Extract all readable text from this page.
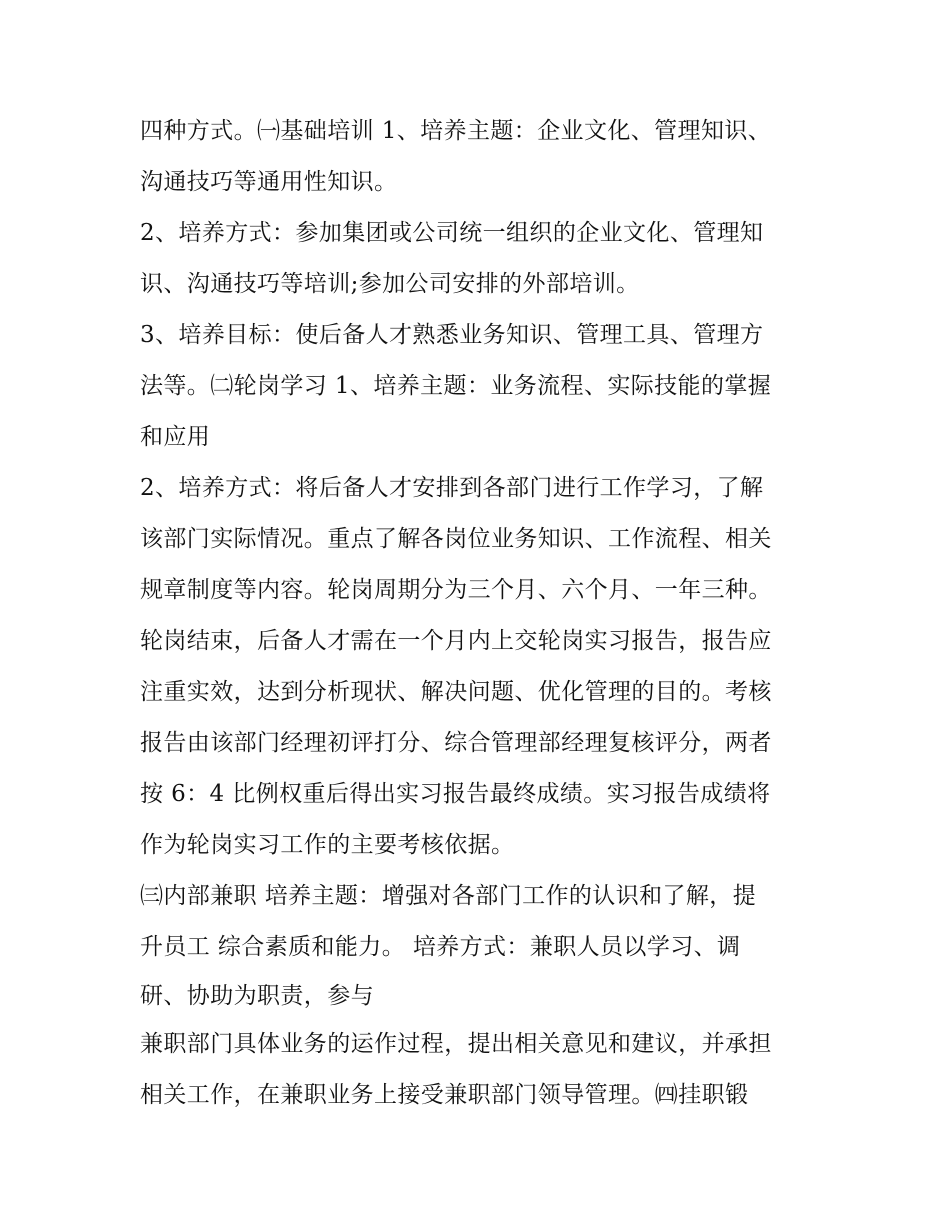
四种方式。㈠基础培训 1、培养主题：企业文化、管理知识、
沟通技巧等通用性知识。
2、培养方式：参加集团或公司统一组织的企业文化、管理知
识、沟通技巧等培训;参加公司安排的外部培训。
3、培养目标：使后备人才熟悉业务知识、管理工具、管理方
法等。㈡轮岗学习 1、培养主题：业务流程、实际技能的掌握
和应用
2、培养方式：将后备人才安排到各部门进行工作学习，了解
该部门实际情况。重点了解各岗位业务知识、工作流程、相关
规章制度等内容。轮岗周期分为三个月、六个月、一年三种。
轮岗结束，后备人才需在一个月内上交轮岗实习报告，报告应
注重实效，达到分析现状、解决问题、优化管理的目的。考核
报告由该部门经理初评打分、综合管理部经理复核评分，两者
按 6：4 比例权重后得出实习报告最终成绩。实习报告成绩将
作为轮岗实习工作的主要考核依据。
㈢内部兼职 培养主题：增强对各部门工作的认识和了解，提
升员工 综合素质和能力。 培养方式：兼职人员以学习、调
研、协助为职责，参与
兼职部门具体业务的运作过程，提出相关意见和建议，并承担
相关工作，在兼职业务上接受兼职部门领导管理。㈣挂职锻
